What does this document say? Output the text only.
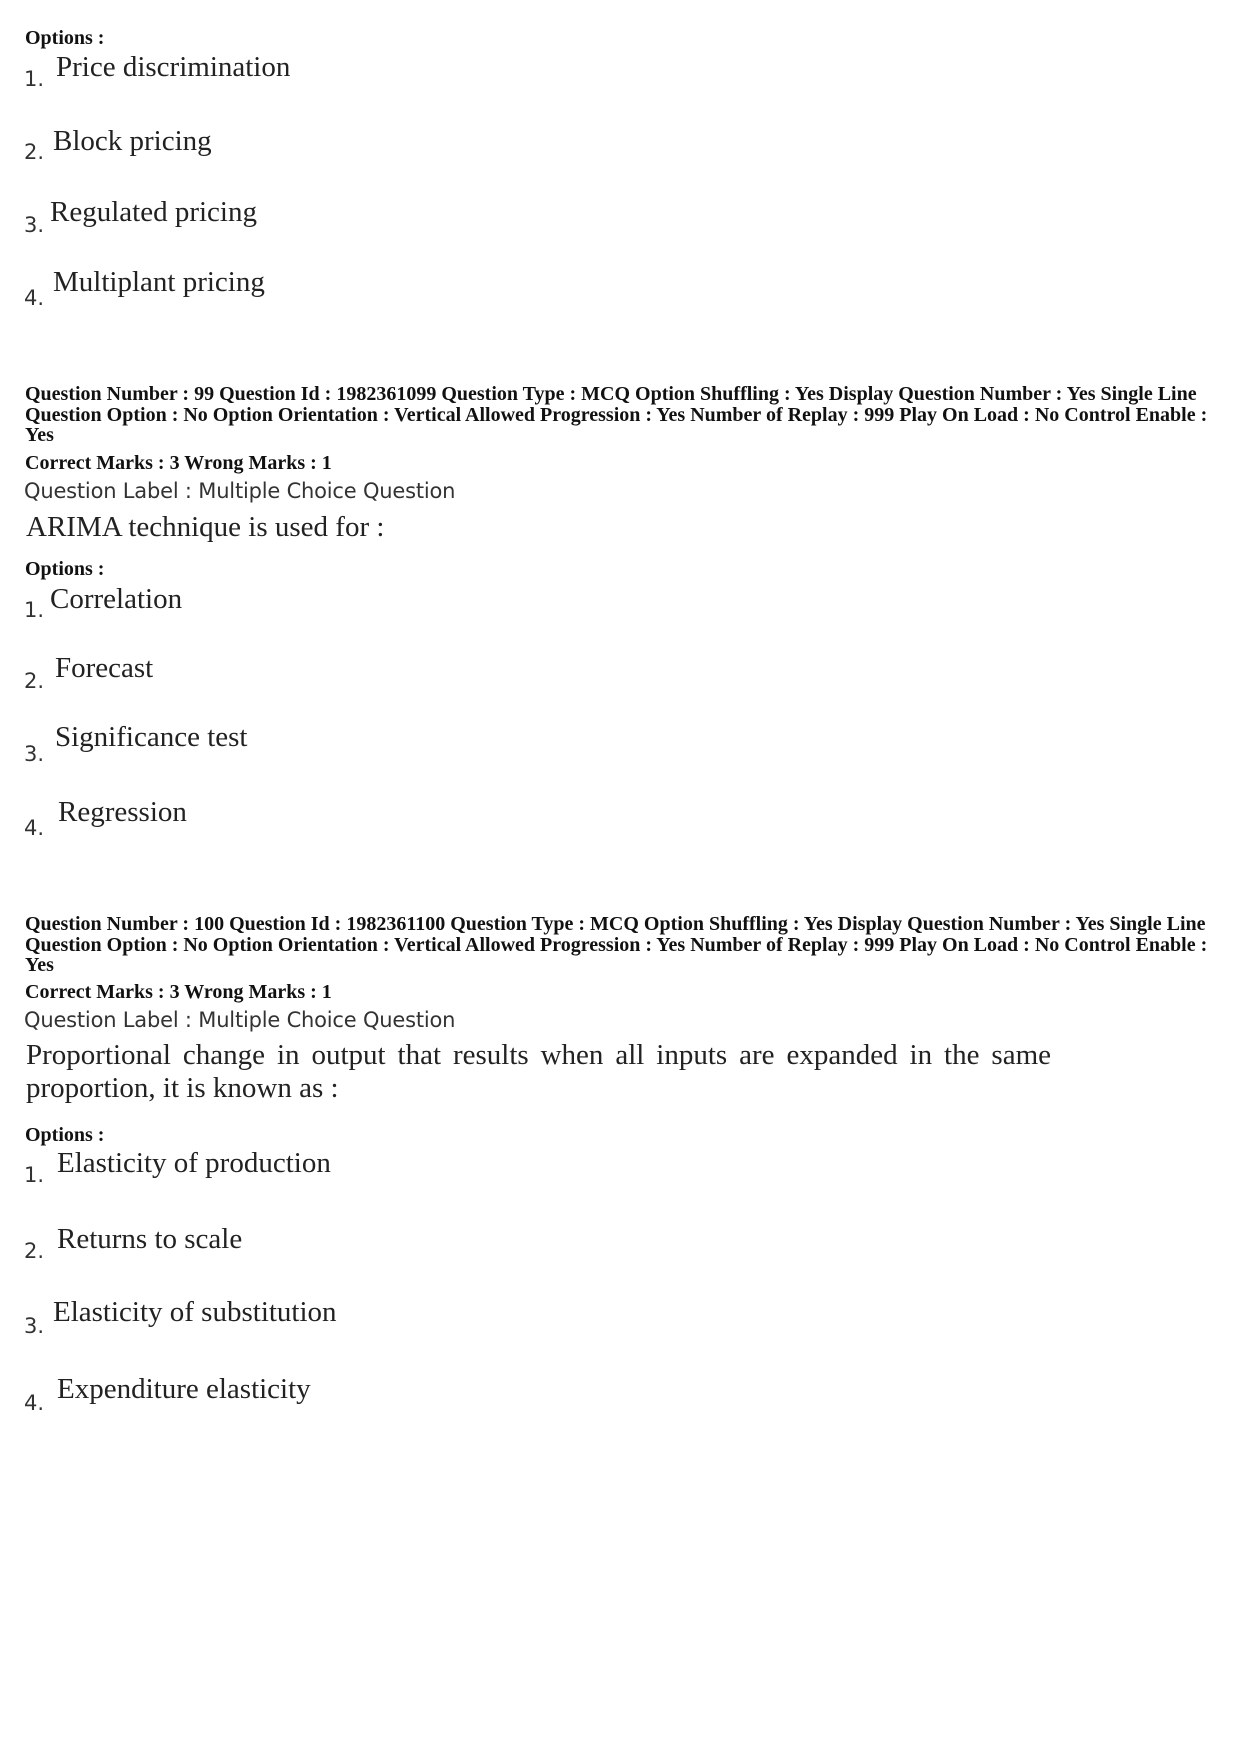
Options :
1. Price discrimination
2. Block pricing
3. Regulated pricing
4. Multiplant pricing
Question Number : 99 Question Id : 1982361099 Question Type : MCQ Option Shuffling : Yes Display Question Number : Yes Single Line Question Option : No Option Orientation : Vertical Allowed Progression : Yes Number of Replay : 999 Play On Load : No Control Enable : Yes
Correct Marks : 3 Wrong Marks : 1
Question Label : Multiple Choice Question
ARIMA technique is used for :
Options :
1. Correlation
2. Forecast
3.
Significance test
4. Regression
Question Number : 100 Question Id : 1982361100 Question Type : MCQ Option Shuffling : Yes Display Question Number : Yes Single Line Question Option : No Option Orientation : Vertical Allowed Progression : Yes Number of Replay : 999 Play On Load : No Control Enable : Yes
Correct Marks : 3 Wrong Marks : 1
Question Label : Multiple Choice Question
Proportional change in output that results when all inputs are expanded in the same
proportion, it is known as :
Options :
1. Elasticity of production
2. Returns to scale
3. Elasticity of substitution
4. Expenditure elasticity
